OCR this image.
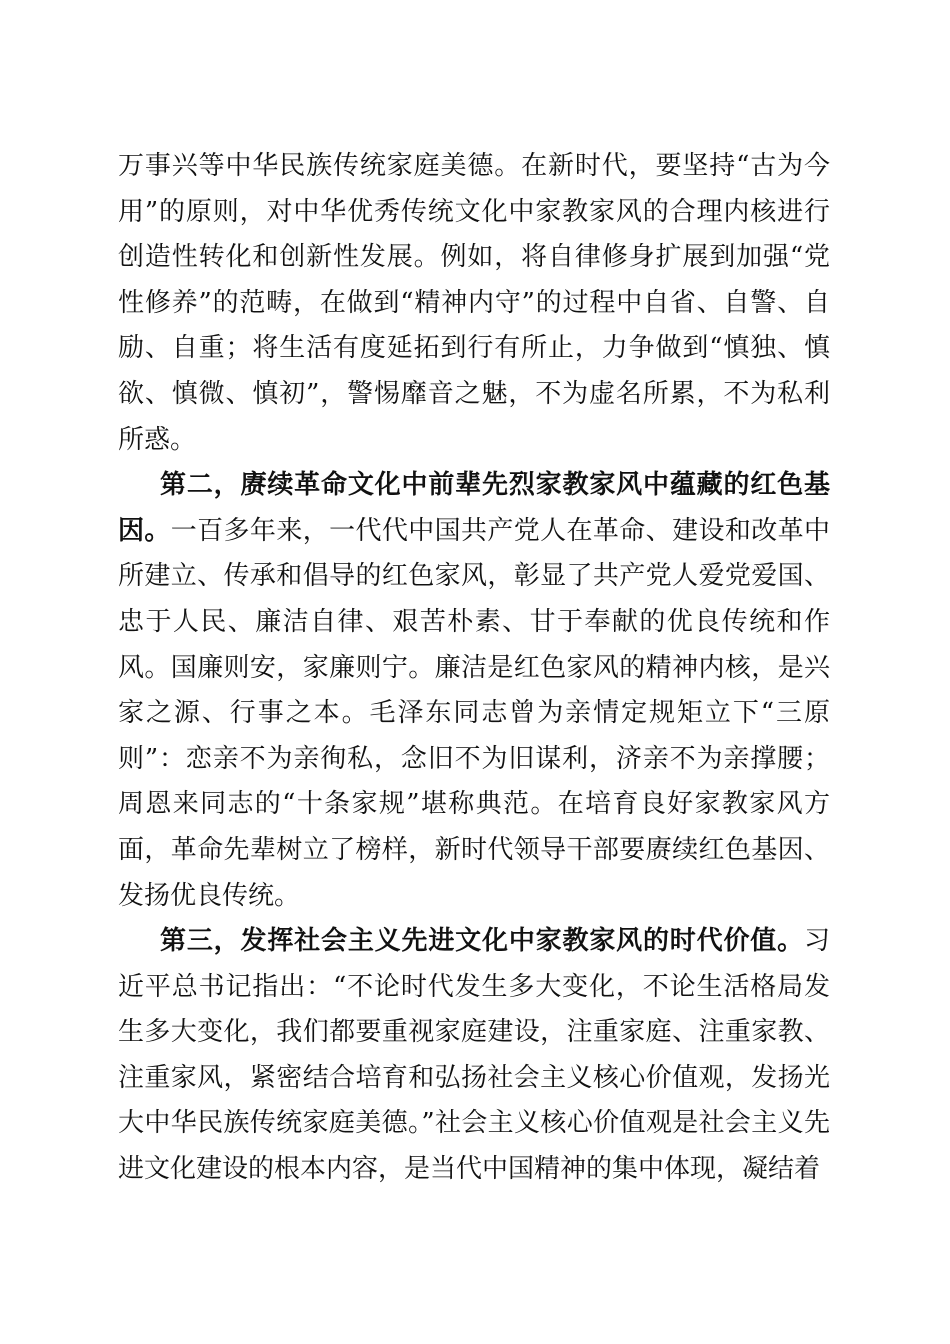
万事兴等中华民族传统家庭美德。在新时代，要坚持“古为今用”的原则，对中华优秀传统文化中家教家风的合理内核进行创造性转化和创新性发展。例如，将自律修身扩展到加强“党性修养”的范畴，在做到“精神内守”的过程中自省、自警、自励、自重；将生活有度延拓到行有所止，力争做到“慎独、慎欲、慎微、慎初”，警惕靡音之魅，不为虚名所累，不为私利所惑。

第二，赓续革命文化中前辈先烈家教家风中蕴藏的红色基因。一百多年来，一代代中国共产党人在革命、建设和改革中所建立、传承和倡导的红色家风，彰显了共产党人爱党爱国、忠于人民、廉洁自律、艰苦朴素、甘于奉献的优良传统和作风。国廉则安，家廉则宁。廉洁是红色家风的精神内核，是兴家之源、行事之本。毛泽东同志曾为亲情定规矩立下“三原则”：恋亲不为亲徇私，念旧不为旧谋利，济亲不为亲撑腰；周恩来同志的“十条家规”堪称典范。在培育良好家教家风方面，革命先辈树立了榜样，新时代领导干部要赓续红色基因、发扬优良传统。

第三，发挥社会主义先进文化中家教家风的时代价值。习近平总书记指出：“不论时代发生多大变化，不论生活格局发生多大变化，我们都要重视家庭建设，注重家庭、注重家教、注重家风，紧密结合培育和弘扬社会主义核心价值观，发扬光大中华民族传统家庭美德。”社会主义核心价值观是社会主义先进文化建设的根本内容，是当代中国精神的集中体现，凝结着
